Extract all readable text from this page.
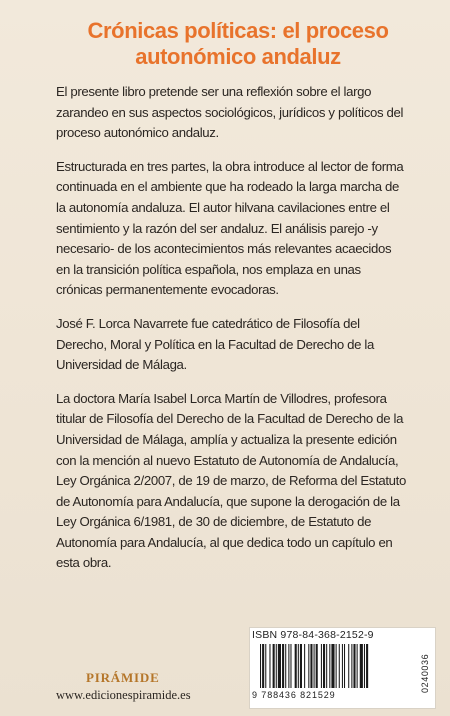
Crónicas políticas: el proceso
autonómico andaluz

El presente libro pretende ser una reflexión sobre el largo zarandeo en sus aspectos sociológicos, jurídicos y políticos del proceso autonómico andaluz.

Estructurada en tres partes, la obra introduce al lector de forma continuada en el ambiente que ha rodeado la larga marcha de la autonomía andaluza. El autor hilvana cavilaciones entre el sentimiento y la razón del ser andaluz. El análisis parejo -y necesario- de los acontecimientos más relevantes acaecidos en la transición política española, nos emplaza en unas crónicas permanentemente evocadoras.

José F. Lorca Navarrete fue catedrático de Filosofía del Derecho, Moral y Política en la Facultad de Derecho de la Universidad de Málaga.

La doctora María Isabel Lorca Martín de Villodres, profesora titular de Filosofía del Derecho de la Facultad de Derecho de la Universidad de Málaga, amplía y actualiza la presente edición con la mención al nuevo Estatuto de Autonomía de Andalucía, Ley Orgánica 2/2007, de 19 de marzo, de Reforma del Estatuto de Autonomía para Andalucía, que supone la derogación de la Ley Orgánica 6/1981, de 30 de diciembre, de Estatuto de Autonomía para Andalucía, al que dedica todo un capítulo en esta obra.

ISBN 978-84-368-2152-9
9 788436 821529
0240036
PIRÁMIDE
www.edicionespiramide.es
